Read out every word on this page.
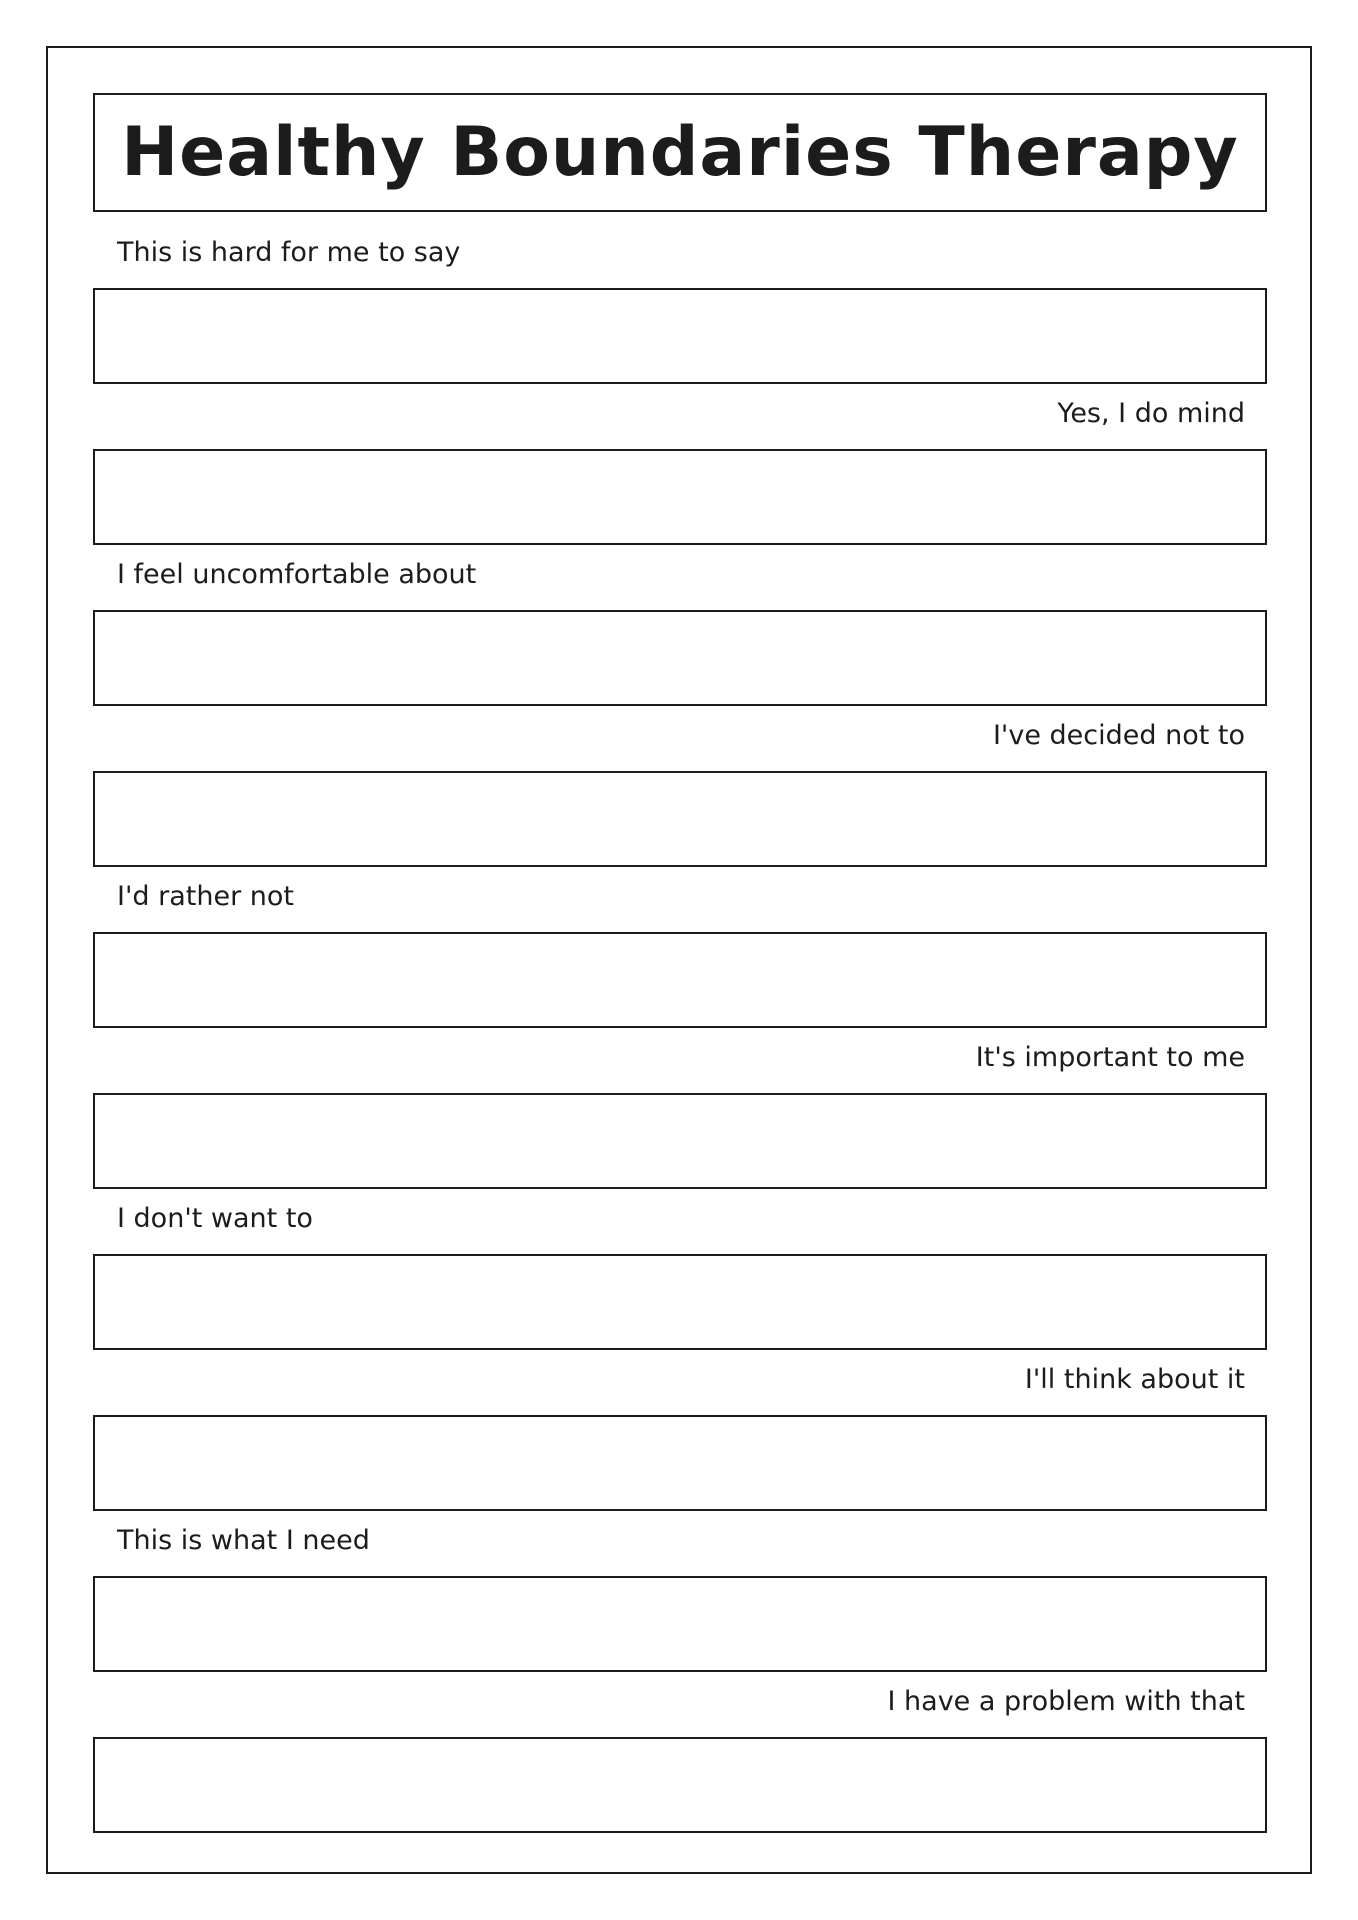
Healthy Boundaries Therapy
This is hard for me to say
Yes, I do mind
I feel uncomfortable about
I've decided not to
I'd rather not
It's important to me
I don't want to
I'll think about it
This is what I need
I have a problem with that
